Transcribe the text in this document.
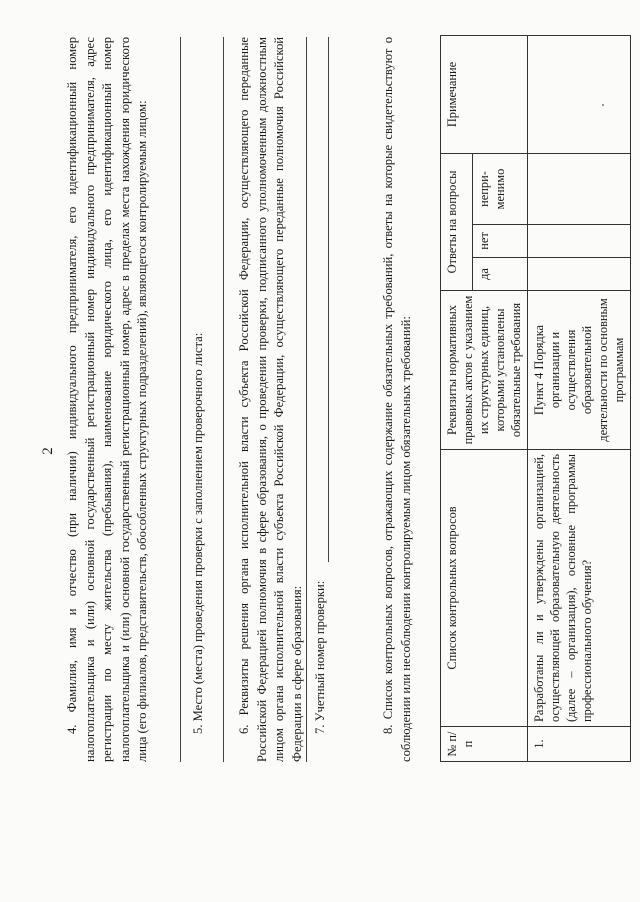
2 4. Фамилия, имя и отчество (при наличии) индивидуального предпринимателя, его идентификационный номер налогоплательщика и (или) основной государственный регистрационный номер индивидуального предпринимателя, адрес регистрации по месту жительства (пребывания), наименование юридического лица, его идентификационный номер налогоплательщика и (или) основной государственный регистрационный номер, адрес в пределах места нахождения юридического лица (его филиалов, представительств, обособленных структурных подразделений), являющегося контролируемым лицом:	5. Место (места) проведения проверки с заполнением проверочного листа:	6. Реквизиты решения органа исполнительной власти субъекта Российской Федерации, осуществляющего переданные Российской Федерацией полномочия в сфере образования, о проведении проверки, подписанного уполномоченным должностным лицом органа исполнительной власти субъекта Российской Федерации, осуществляющего переданные полномочия Российской Федерации в сфере образования: 7. Учетный номер проверки:	8. Список контрольных вопросов, отражающих содержание обязательных требований, ответы на которые свидетельствуют о соблюдении или несоблюдении контролируемым лицом обязательных требований:	№ п/п	Список контрольных вопросов	Реквизиты нормативных правовых актов с указанием их структурных единиц, которыми установлены обязательные требования	Ответы на вопросы			Примечание
			да	нет	непри-менимо	
1.	Разработаны ли и утверждены организацией, осуществляющей образовательную деятельность (далее – организация), основные программы профессионального обучения?	Пункт 4 Порядка организации и осуществления образовательной деятельности по основным программам				
